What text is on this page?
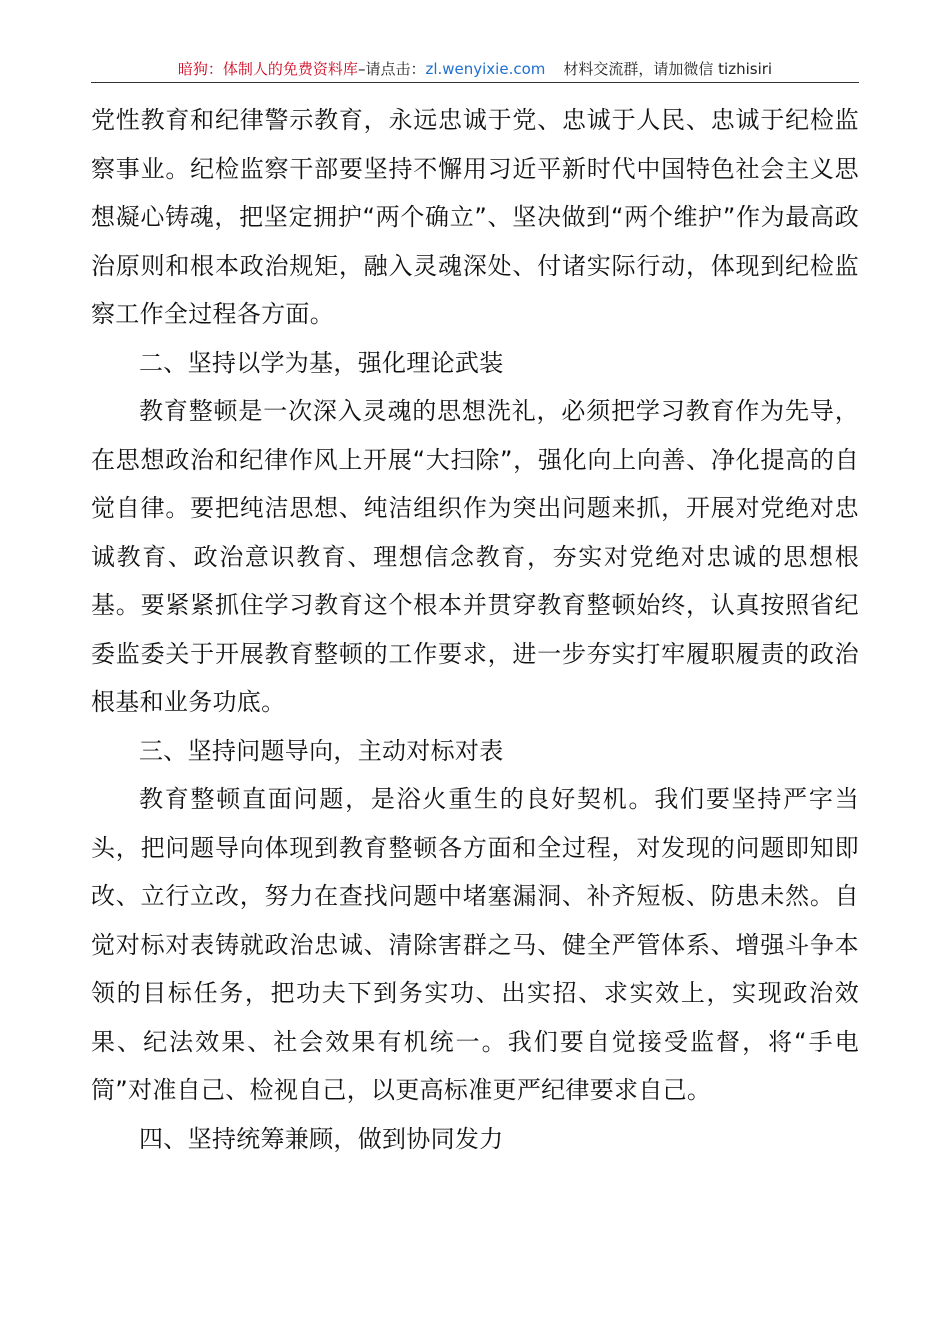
暗狗：体制人的免费资料库–请点击：zl.wenyixie.com 材料交流群，请加微信 tizhisiri

党性教育和纪律警示教育，永远忠诚于党、忠诚于人民、忠诚于纪检监察事业。纪检监察干部要坚持不懈用习近平新时代中国特色社会主义思想凝心铸魂，把坚定拥护“两个确立”、坚决做到“两个维护”作为最高政治原则和根本政治规矩，融入灵魂深处、付诸实际行动，体现到纪检监察工作全过程各方面。

二、坚持以学为基，强化理论武装

教育整顿是一次深入灵魂的思想洗礼，必须把学习教育作为先导，在思想政治和纪律作风上开展“大扫除”，强化向上向善、净化提高的自觉自律。要把纯洁思想、纯洁组织作为突出问题来抓，开展对党绝对忠诚教育、政治意识教育、理想信念教育，夯实对党绝对忠诚的思想根基。要紧紧抓住学习教育这个根本并贯穿教育整顿始终，认真按照省纪委监委关于开展教育整顿的工作要求，进一步夯实打牢履职履责的政治根基和业务功底。

三、坚持问题导向，主动对标对表

教育整顿直面问题，是浴火重生的良好契机。我们要坚持严字当头，把问题导向体现到教育整顿各方面和全过程，对发现的问题即知即改、立行立改，努力在查找问题中堵塞漏洞、补齐短板、防患未然。自觉对标对表铸就政治忠诚、清除害群之马、健全严管体系、增强斗争本领的目标任务，把功夫下到务实功、出实招、求实效上，实现政治效果、纪法效果、社会效果有机统一。我们要自觉接受监督，将“手电筒”对准自己、检视自己，以更高标准更严纪律要求自己。

四、坚持统筹兼顾，做到协同发力
